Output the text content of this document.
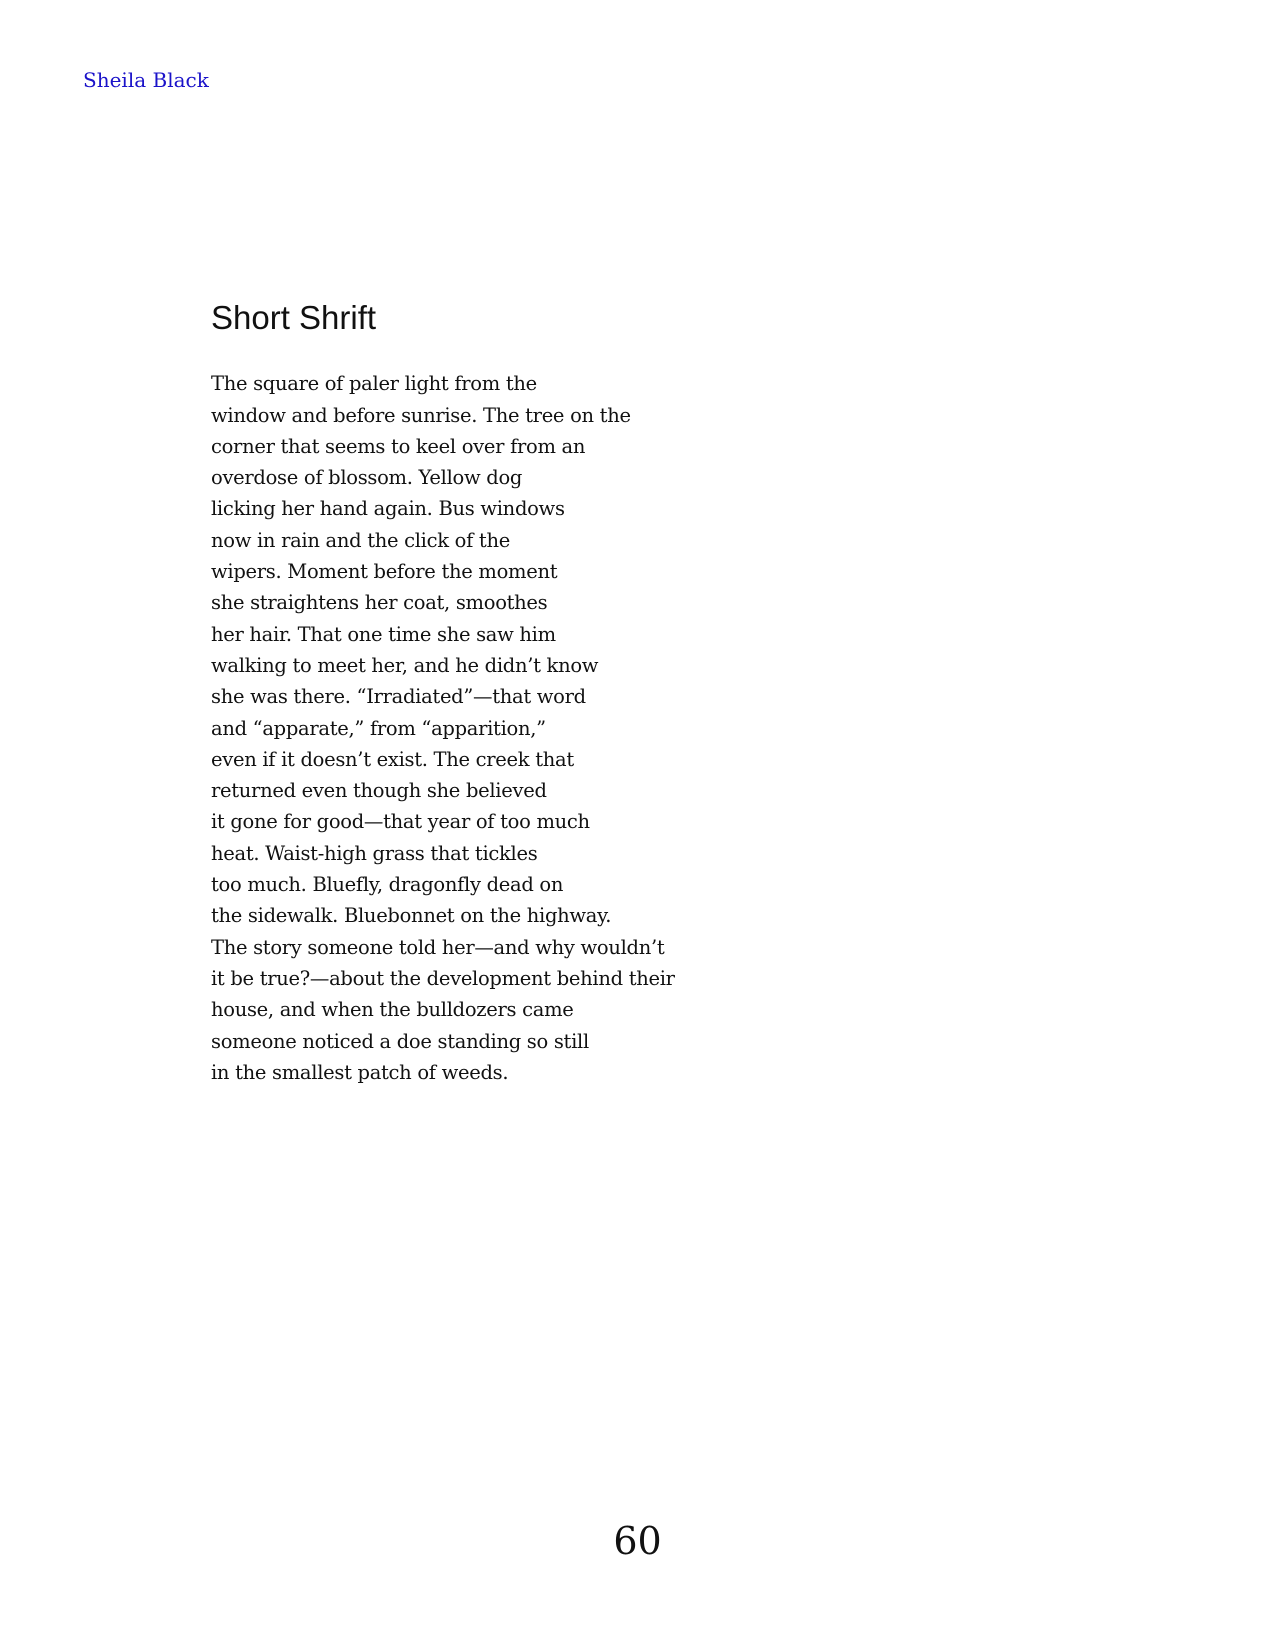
Sheila Black

Short Shrift
The square of paler light from the
window and before sunrise. The tree on the
corner that seems to keel over from an
overdose of blossom. Yellow dog
licking her hand again. Bus windows
now in rain and the click of the
wipers. Moment before the moment
she straightens her coat, smoothes
her hair. That one time she saw him
walking to meet her, and he didn’t know
she was there. “Irradiated”—that word
and “apparate,” from “apparition,”
even if it doesn’t exist. The creek that
returned even though she believed
it gone for good—that year of too much
heat. Waist-high grass that tickles
too much. Bluefly, dragonfly dead on
the sidewalk. Bluebonnet on the highway.
The story someone told her—and why wouldn’t
it be true?—about the development behind their
house, and when the bulldozers came
someone noticed a doe standing so still
in the smallest patch of weeds.

60
